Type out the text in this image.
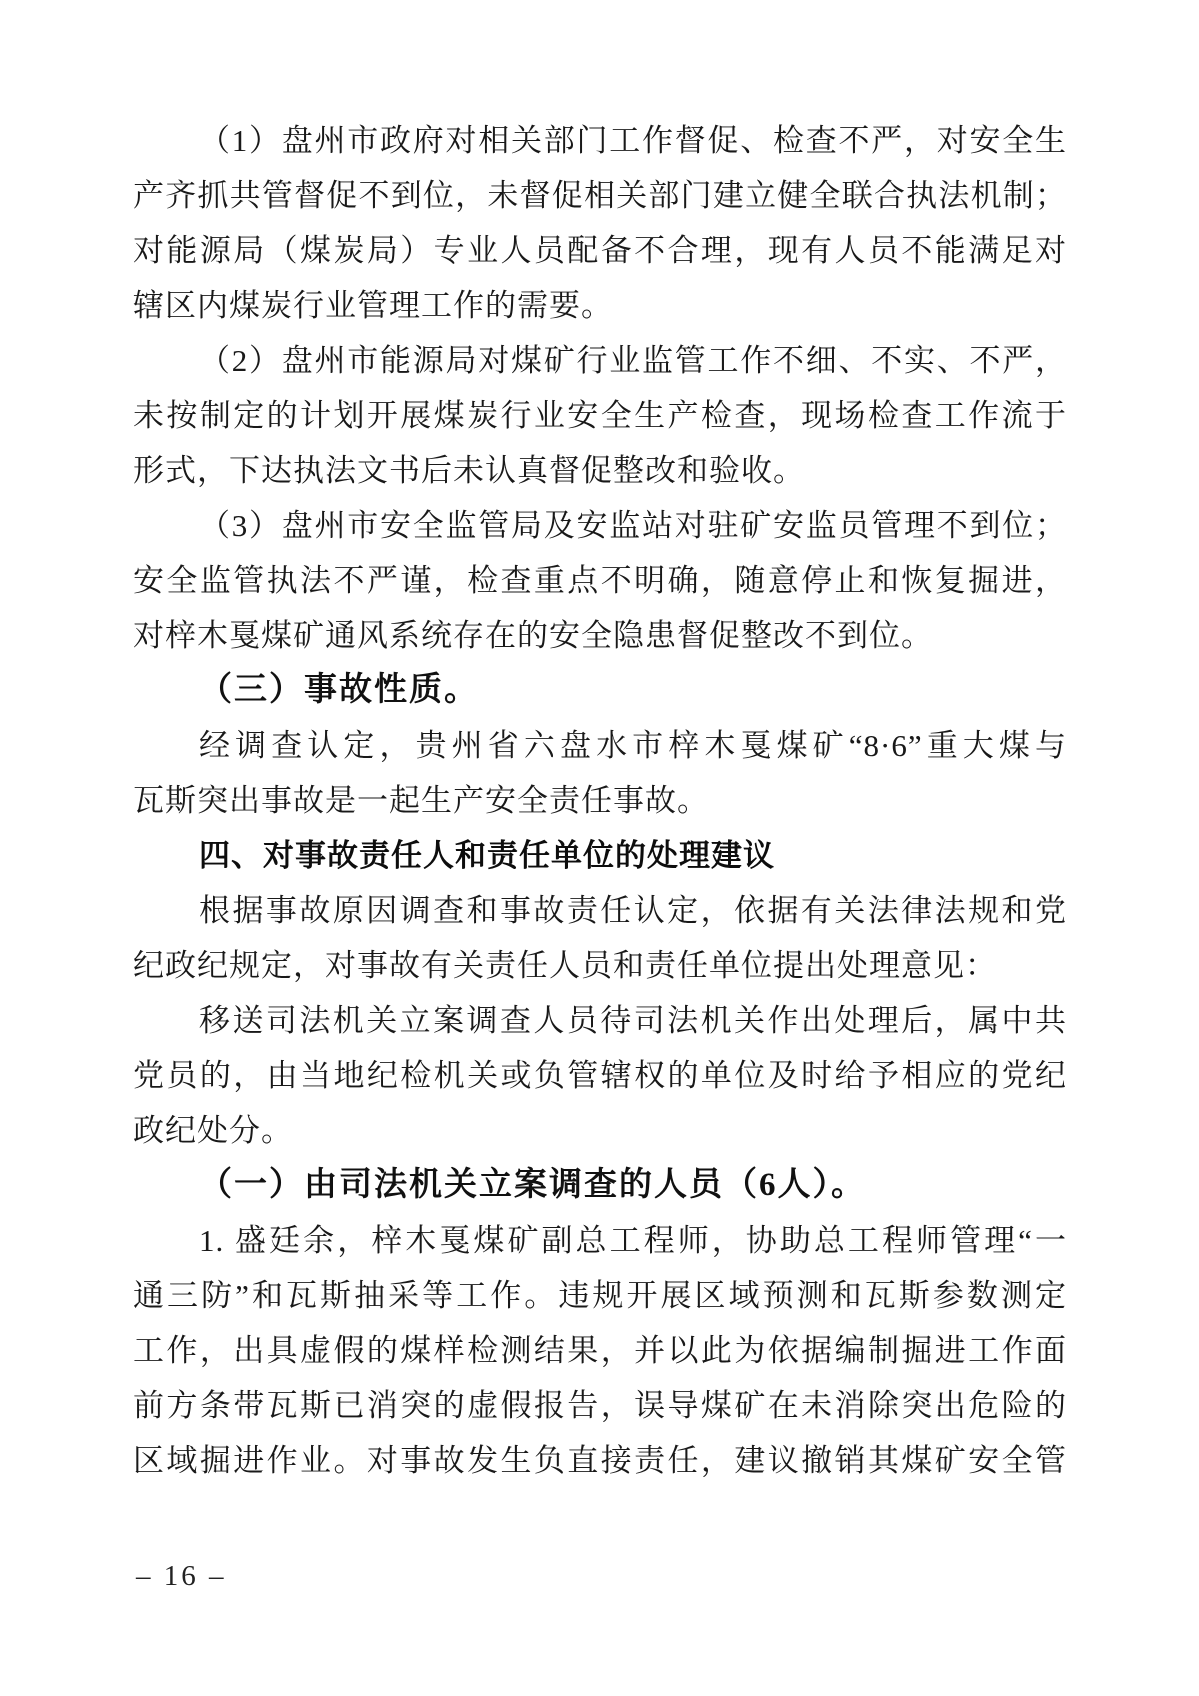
（1）盘州市政府对相关部门工作督促、检查不严，对安全生
产齐抓共管督促不到位，未督促相关部门建立健全联合执法机制；
对能源局（煤炭局）专业人员配备不合理，现有人员不能满足对
辖区内煤炭行业管理工作的需要。
（2）盘州市能源局对煤矿行业监管工作不细、不实、不严，
未按制定的计划开展煤炭行业安全生产检查，现场检查工作流于
形式，下达执法文书后未认真督促整改和验收。
（3）盘州市安全监管局及安监站对驻矿安监员管理不到位；
安全监管执法不严谨，检查重点不明确，随意停止和恢复掘进，
对梓木戛煤矿通风系统存在的安全隐患督促整改不到位。
（三）事故性质。
经调查认定，贵州省六盘水市梓木戛煤矿“8·6”重大煤与
瓦斯突出事故是一起生产安全责任事故。
四、对事故责任人和责任单位的处理建议
根据事故原因调查和事故责任认定，依据有关法律法规和党
纪政纪规定，对事故有关责任人员和责任单位提出处理意见：
移送司法机关立案调查人员待司法机关作出处理后，属中共
党员的，由当地纪检机关或负管辖权的单位及时给予相应的党纪
政纪处分。
（一）由司法机关立案调查的人员（6人）。
1. 盛廷余，梓木戛煤矿副总工程师，协助总工程师管理“一
通三防”和瓦斯抽采等工作。违规开展区域预测和瓦斯参数测定
工作，出具虚假的煤样检测结果，并以此为依据编制掘进工作面
前方条带瓦斯已消突的虚假报告，误导煤矿在未消除突出危险的
区域掘进作业。对事故发生负直接责任，建议撤销其煤矿安全管
– 16 –
